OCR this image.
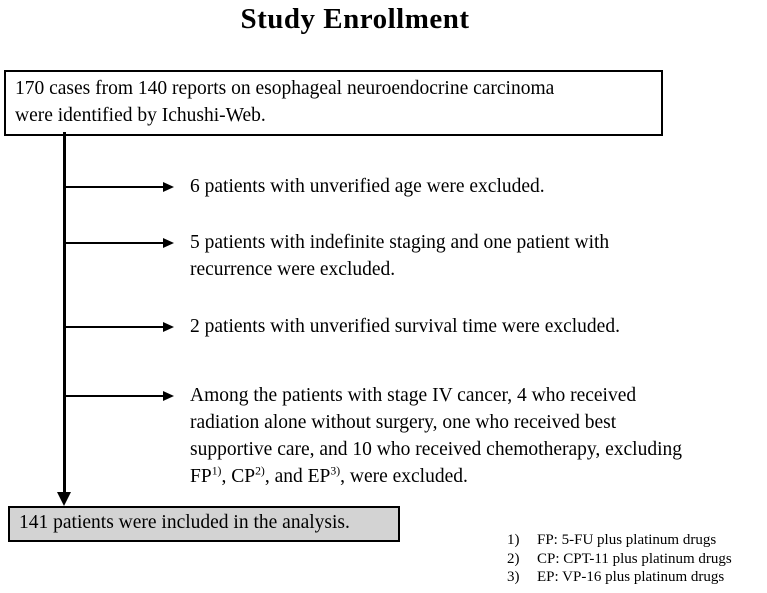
Study Enrollment
170 cases from 140 reports on esophageal neuroendocrine carcinoma
were identified by Ichushi-Web.
6 patients with unverified age were excluded.
5 patients with indefinite staging and one patient with recurrence were excluded.
2 patients with unverified survival time were excluded.
Among the patients with stage IV cancer, 4 who received radiation alone without surgery, one who received best supportive care, and 10 who received chemotherapy, excluding FP$^{1)}$, CP$^{2)}$, and EP$^{3)}$, were excluded.
141 patients were included in the analysis.
1)	FP: 5-FU plus platinum drugs
2)	CP: CPT-11 plus platinum drugs
3)	EP: VP-16 plus platinum drugs
